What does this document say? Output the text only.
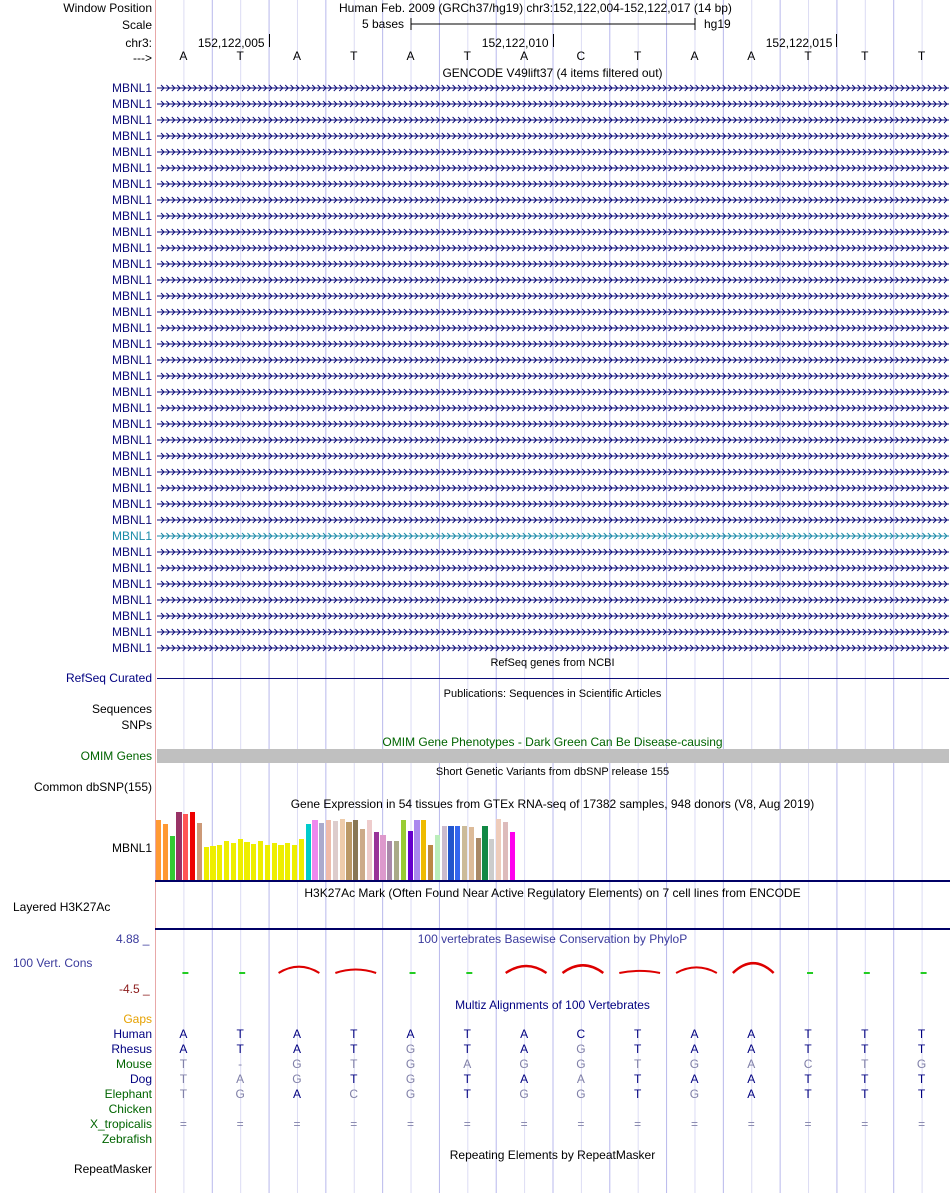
Window Position	Human Feb. 2009 (GRCh37/hg19) chr3:152,122,004-152,122,017 (14 bp)
Scale	5 bases	hg19
chr3:	152,122,005	152,122,010	152,122,015
--->	A	T	A	T	A	T	A	C	T	A	A	T	T	T
GENCODE V49lift37 (4 items filtered out)
MBNL1
MBNL1
MBNL1
MBNL1
MBNL1
MBNL1
MBNL1
MBNL1
MBNL1
MBNL1
MBNL1
MBNL1
MBNL1
MBNL1
MBNL1
MBNL1
MBNL1
MBNL1
MBNL1
MBNL1
MBNL1
MBNL1
MBNL1
MBNL1
MBNL1
MBNL1
MBNL1
MBNL1
MBNL1
MBNL1
MBNL1
MBNL1
MBNL1
MBNL1
MBNL1
MBNL1
RefSeq genes from NCBI
RefSeq Curated
Publications: Sequences in Scientific Articles
Sequences
SNPs
OMIM Gene Phenotypes - Dark Green Can Be Disease-causing
OMIM Genes
Short Genetic Variants from dbSNP release 155
Common dbSNP(155)
Gene Expression in 54 tissues from GTEx RNA-seq of 17382 samples, 948 donors (V8, Aug 2019)
MBNL1
H3K27Ac Mark (Often Found Near Active Regulatory Elements) on 7 cell lines from ENCODE
Layered H3K27Ac
100 vertebrates Basewise Conservation by PhyloP
4.88 _
100 Vert. Cons
-4.5 _
Multiz Alignments of 100 Vertebrates
Gaps
Human	A	T	A	T	A	T	A	C	T	A	A	T	T	T
Rhesus	A	T	A	T	G	T	A	G	T	A	A	T	T	T
Mouse	T	-	G	T	G	A	G	G	T	G	A	C	T	G
Dog	T	A	G	T	G	T	A	A	T	A	A	T	T	T
Elephant	T	G	A	C	G	T	G	G	T	G	A	T	T	T
Chicken
X_tropicalis	=	=	=	=	=	=	=	=	=	=	=	=	=	=
Zebrafish
Repeating Elements by RepeatMasker
RepeatMasker
